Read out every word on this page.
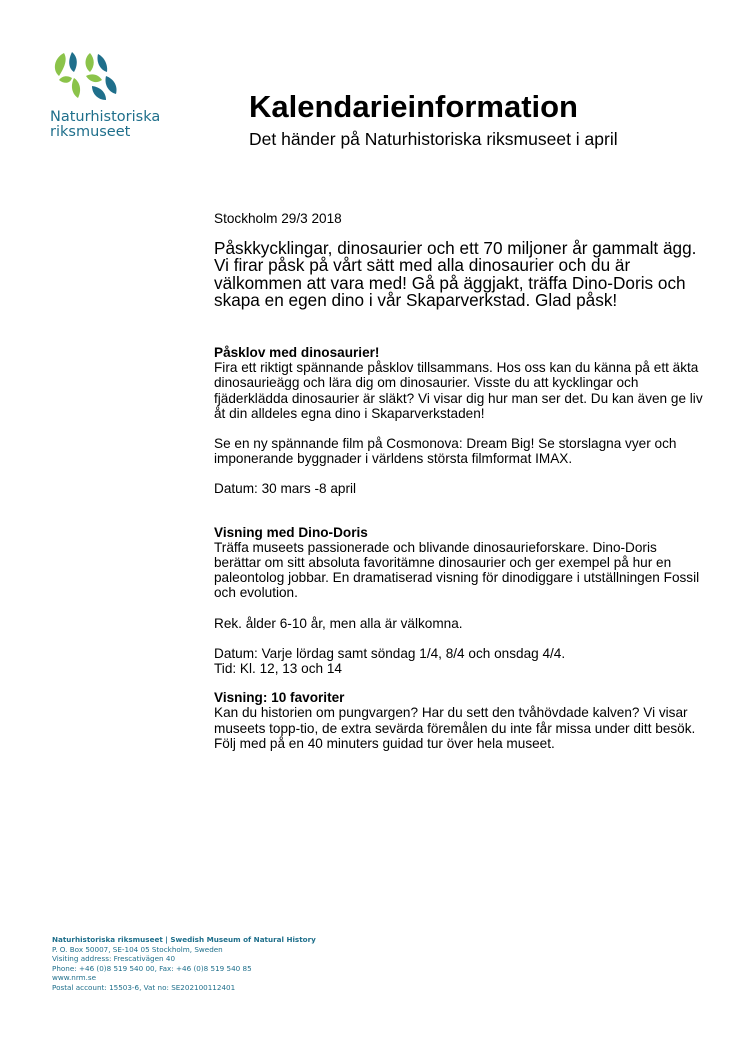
Naturhistoriska
riksmuseet
Kalendarieinformation

Det händer på Naturhistoriska riksmuseet i april

Stockholm 29/3 2018

Påskkycklingar, dinosaurier och ett 70 miljoner år gammalt ägg. Vi firar påsk på vårt sätt med alla dinosaurier och du är välkommen att vara med! Gå på äggjakt, träffa Dino-Doris och skapa en egen dino i vår Skaparverkstad. Glad påsk!

Påsklov med dinosaurier!

Fira ett riktigt spännande påsklov tillsammans. Hos oss kan du känna på ett äkta dinosaurieägg och lära dig om dinosaurier. Visste du att kycklingar och fjäderklädda dinosaurier är släkt? Vi visar dig hur man ser det. Du kan även ge liv åt din alldeles egna dino i Skaparverkstaden!

Se en ny spännande film på Cosmonova: Dream Big! Se storslagna vyer och imponerande byggnader i världens största filmformat IMAX.

Datum: 30 mars -8 april

Visning med Dino-Doris

Träffa museets passionerade och blivande dinosaurieforskare. Dino-Doris berättar om sitt absoluta favoritämne dinosaurier och ger exempel på hur en paleontolog jobbar. En dramatiserad visning för dinodiggare i utställningen Fossil och evolution.

Rek. ålder 6-10 år, men alla är välkomna.

Datum: Varje lördag samt söndag 1/4, 8/4 och onsdag 4/4.
Tid: Kl. 12, 13 och 14

Visning: 10 favoriter

Kan du historien om pungvargen? Har du sett den tvåhövdade kalven? Vi visar museets topp-tio, de extra sevärda föremålen du inte får missa under ditt besök. Följ med på en 40 minuters guidad tur över hela museet.

Naturhistoriska riksmuseet | Swedish Museum of Natural History
P. O. Box 50007, SE-104 05 Stockholm, Sweden
Visiting address: Frescativägen 40
Phone: +46 (0)8 519 540 00, Fax: +46 (0)8 519 540 85
www.nrm.se
Postal account: 15503-6, Vat no: SE202100112401
